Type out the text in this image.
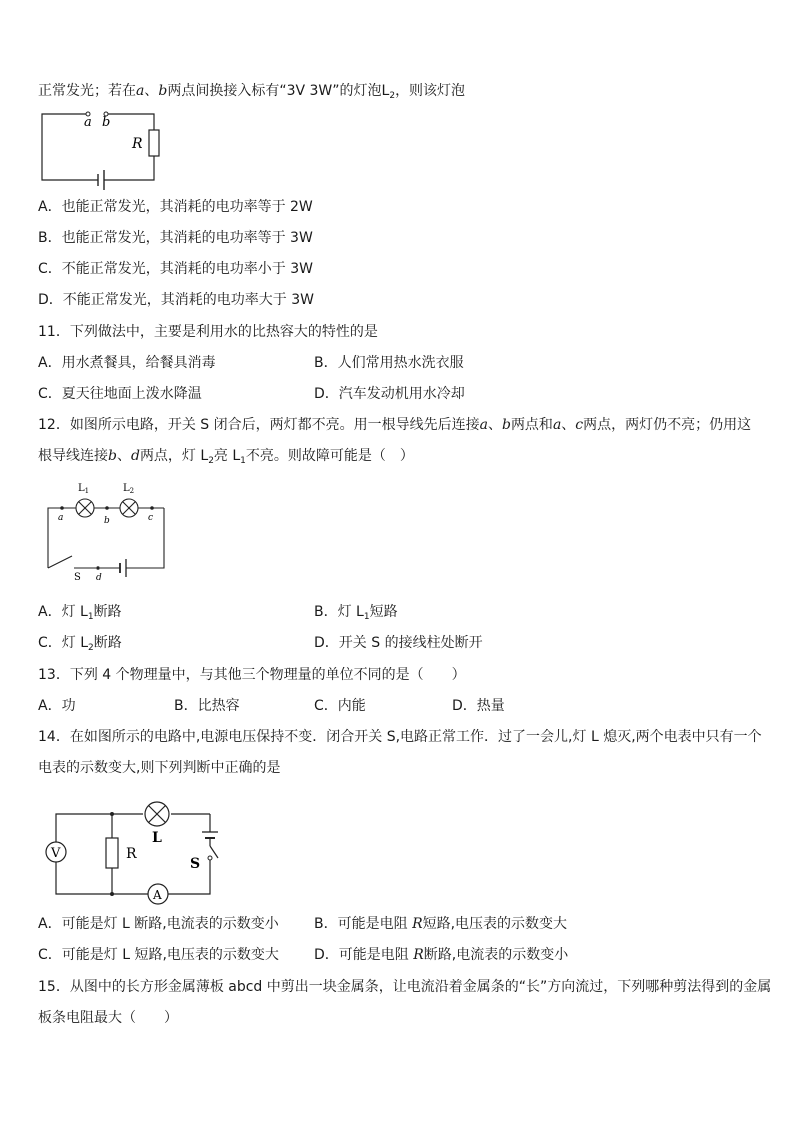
正常发光；若在a、b两点间换接入标有“3V 3W”的灯泡$L_2$，则该灯泡
a b
R
A．也能正常发光，其消耗的电功率等于 2W
B．也能正常发光，其消耗的电功率等于 3W
C．不能正常发光，其消耗的电功率小于 3W
D．不能正常发光，其消耗的电功率大于 3W
11．下列做法中，主要是利用水的比热容大的特性的是
A．用水煮餐具，给餐具消毒	B．人们常用热水洗衣服
C．夏天往地面上泼水降温	D．汽车发动机用水冷却
12．如图所示电路，开关 S 闭合后，两灯都不亮。用一根导线先后连接a、b两点和a、c两点，两灯仍不亮；仍用这
根导线连接b、d两点，灯 $L_2$亮 $L_1$不亮。则故障可能是（　）
$L_1$	$L_2$
a	b	c
S d
A．灯 $L_1$断路	B．灯 $L_1$短路
C．灯 $L_2$断路	D．开关 S 的接线柱处断开
13．下列 4 个物理量中，与其他三个物理量的单位不同的是（　　）
A．功	B．比热容	C．内能	D．热量
14．在如图所示的电路中,电源电压保持不变．闭合开关 S,电路正常工作．过了一会儿,灯 L 熄灭,两个电表中只有一个
电表的示数变大,则下列判断中正确的是
V	R
L
S
A
A．可能是灯 L 断路,电流表的示数变小	B．可能是电阻 R短路,电压表的示数变大
C．可能是灯 L 短路,电压表的示数变大	D．可能是电阻 R断路,电流表的示数变小
15．从图中的长方形金属薄板 abcd 中剪出一块金属条，让电流沿着金属条的“长”方向流过，下列哪种剪法得到的金属
板条电阻最大（　　）
